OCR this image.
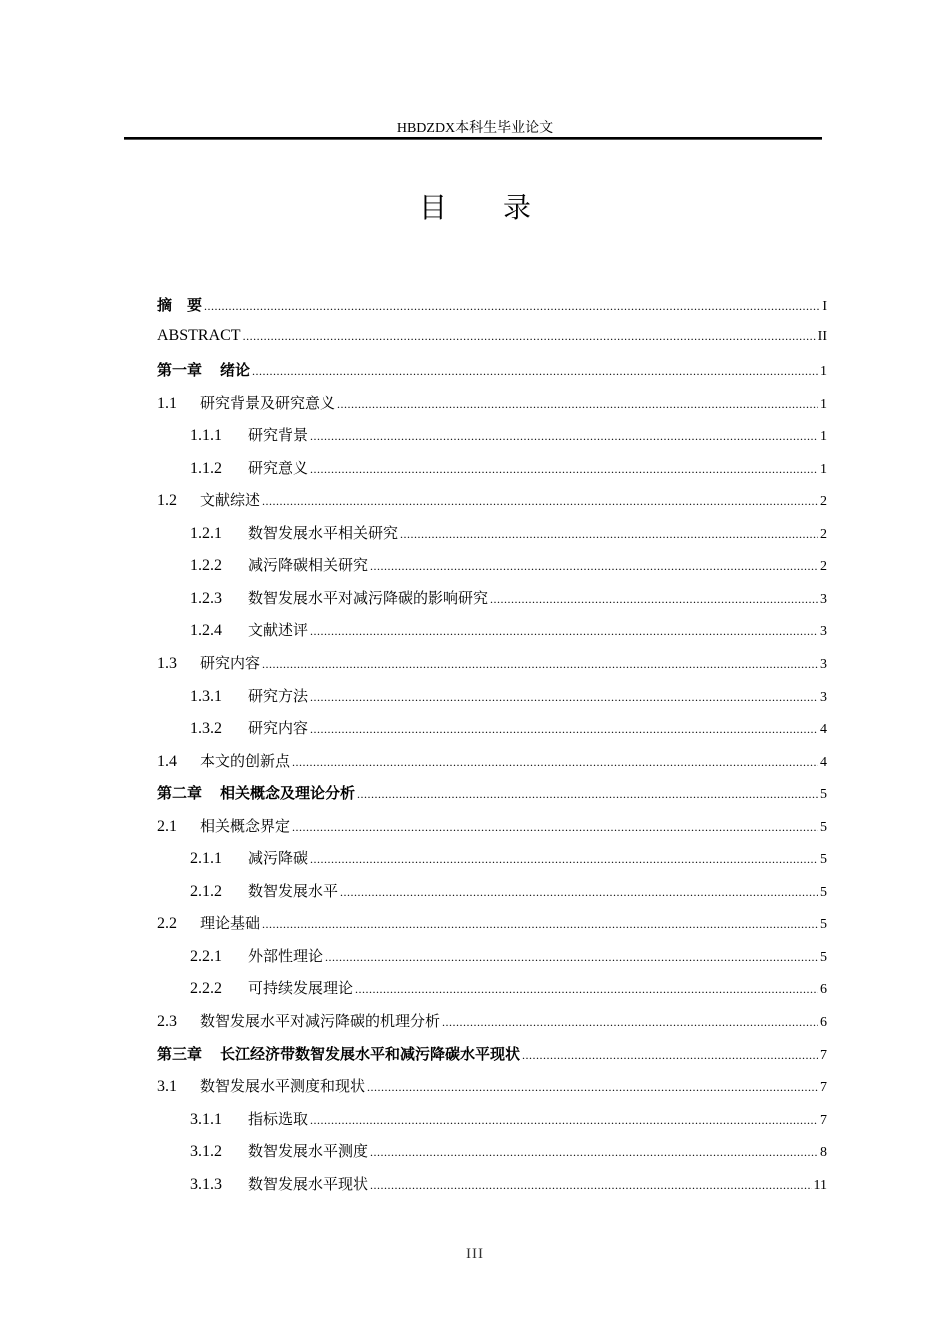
HBDZDX本科生毕业论文
目 录
摘　要 .....	I
ABSTRACT .....	II
第一章 绪论 .....	1
1.1	研究背景及研究意义 .....	1
1.1.1	研究背景 .....	1
1.1.2	研究意义 .....	1
1.2	文献综述 .....	2
1.2.1	数智发展水平相关研究 .....	2
1.2.2	减污降碳相关研究 .....	2
1.2.3	数智发展水平对减污降碳的影响研究 .....	3
1.2.4	文献述评 .....	3
1.3	研究内容 .....	3
1.3.1	研究方法 .....	3
1.3.2	研究内容 .....	4
1.4	本文的创新点 .....	4
第二章 相关概念及理论分析 .....	5
2.1	相关概念界定 .....	5
2.1.1	减污降碳 .....	5
2.1.2	数智发展水平 .....	5
2.2	理论基础 .....	5
2.2.1	外部性理论 .....	5
2.2.2	可持续发展理论 .....	6
2.3	数智发展水平对减污降碳的机理分析 .....	6
第三章 长江经济带数智发展水平和减污降碳水平现状 .....	7
3.1	数智发展水平测度和现状 .....	7
3.1.1	指标选取 .....	7
3.1.2	数智发展水平测度 .....	8
3.1.3	数智发展水平现状 .....	11
III
